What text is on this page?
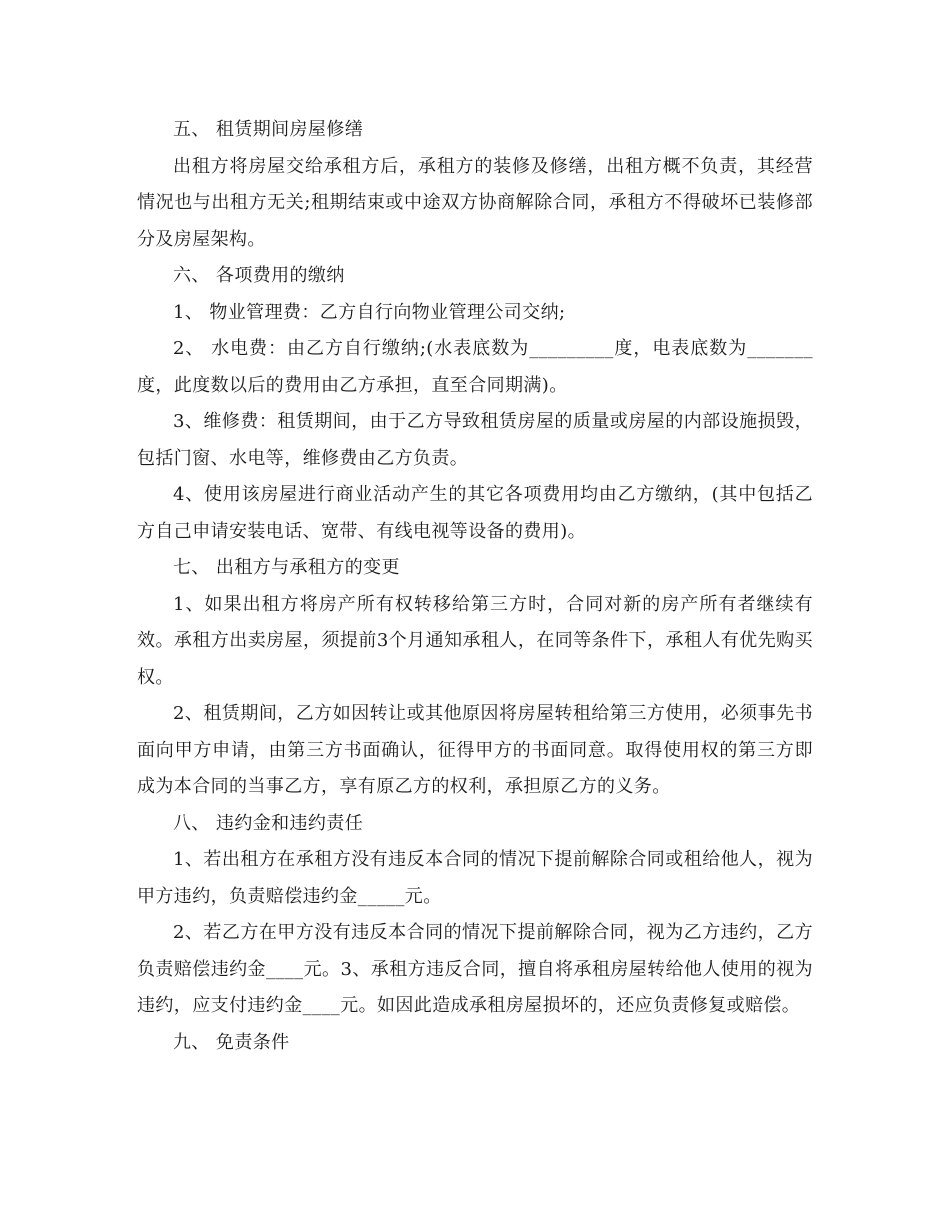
五、 租赁期间房屋修缮

出租方将房屋交给承租方后，承租方的装修及修缮，出租方概不负责，其经营情况也与出租方无关;租期结束或中途双方协商解除合同，承租方不得破坏已装修部分及房屋架构。

六、 各项费用的缴纳

1、 物业管理费：乙方自行向物业管理公司交纳;

2、 水电费：由乙方自行缴纳;(水表底数为_________度，电表底数为_______度，此度数以后的费用由乙方承担，直至合同期满)。

3、维修费：租赁期间，由于乙方导致租赁房屋的质量或房屋的内部设施损毁，包括门窗、水电等，维修费由乙方负责。

4、使用该房屋进行商业活动产生的其它各项费用均由乙方缴纳，(其中包括乙方自己申请安装电话、宽带、有线电视等设备的费用)。

七、 出租方与承租方的变更

1、如果出租方将房产所有权转移给第三方时，合同对新的房产所有者继续有效。承租方出卖房屋，须提前3个月通知承租人，在同等条件下，承租人有优先购买权。

2、租赁期间，乙方如因转让或其他原因将房屋转租给第三方使用，必须事先书面向甲方申请，由第三方书面确认，征得甲方的书面同意。取得使用权的第三方即成为本合同的当事乙方，享有原乙方的权利，承担原乙方的义务。

八、 违约金和违约责任

1、若出租方在承租方没有违反本合同的情况下提前解除合同或租给他人，视为甲方违约，负责赔偿违约金_____元。

2、若乙方在甲方没有违反本合同的情况下提前解除合同，视为乙方违约，乙方负责赔偿违约金____元。3、承租方违反合同，擅自将承租房屋转给他人使用的视为违约，应支付违约金____元。如因此造成承租房屋损坏的，还应负责修复或赔偿。

九、 免责条件
